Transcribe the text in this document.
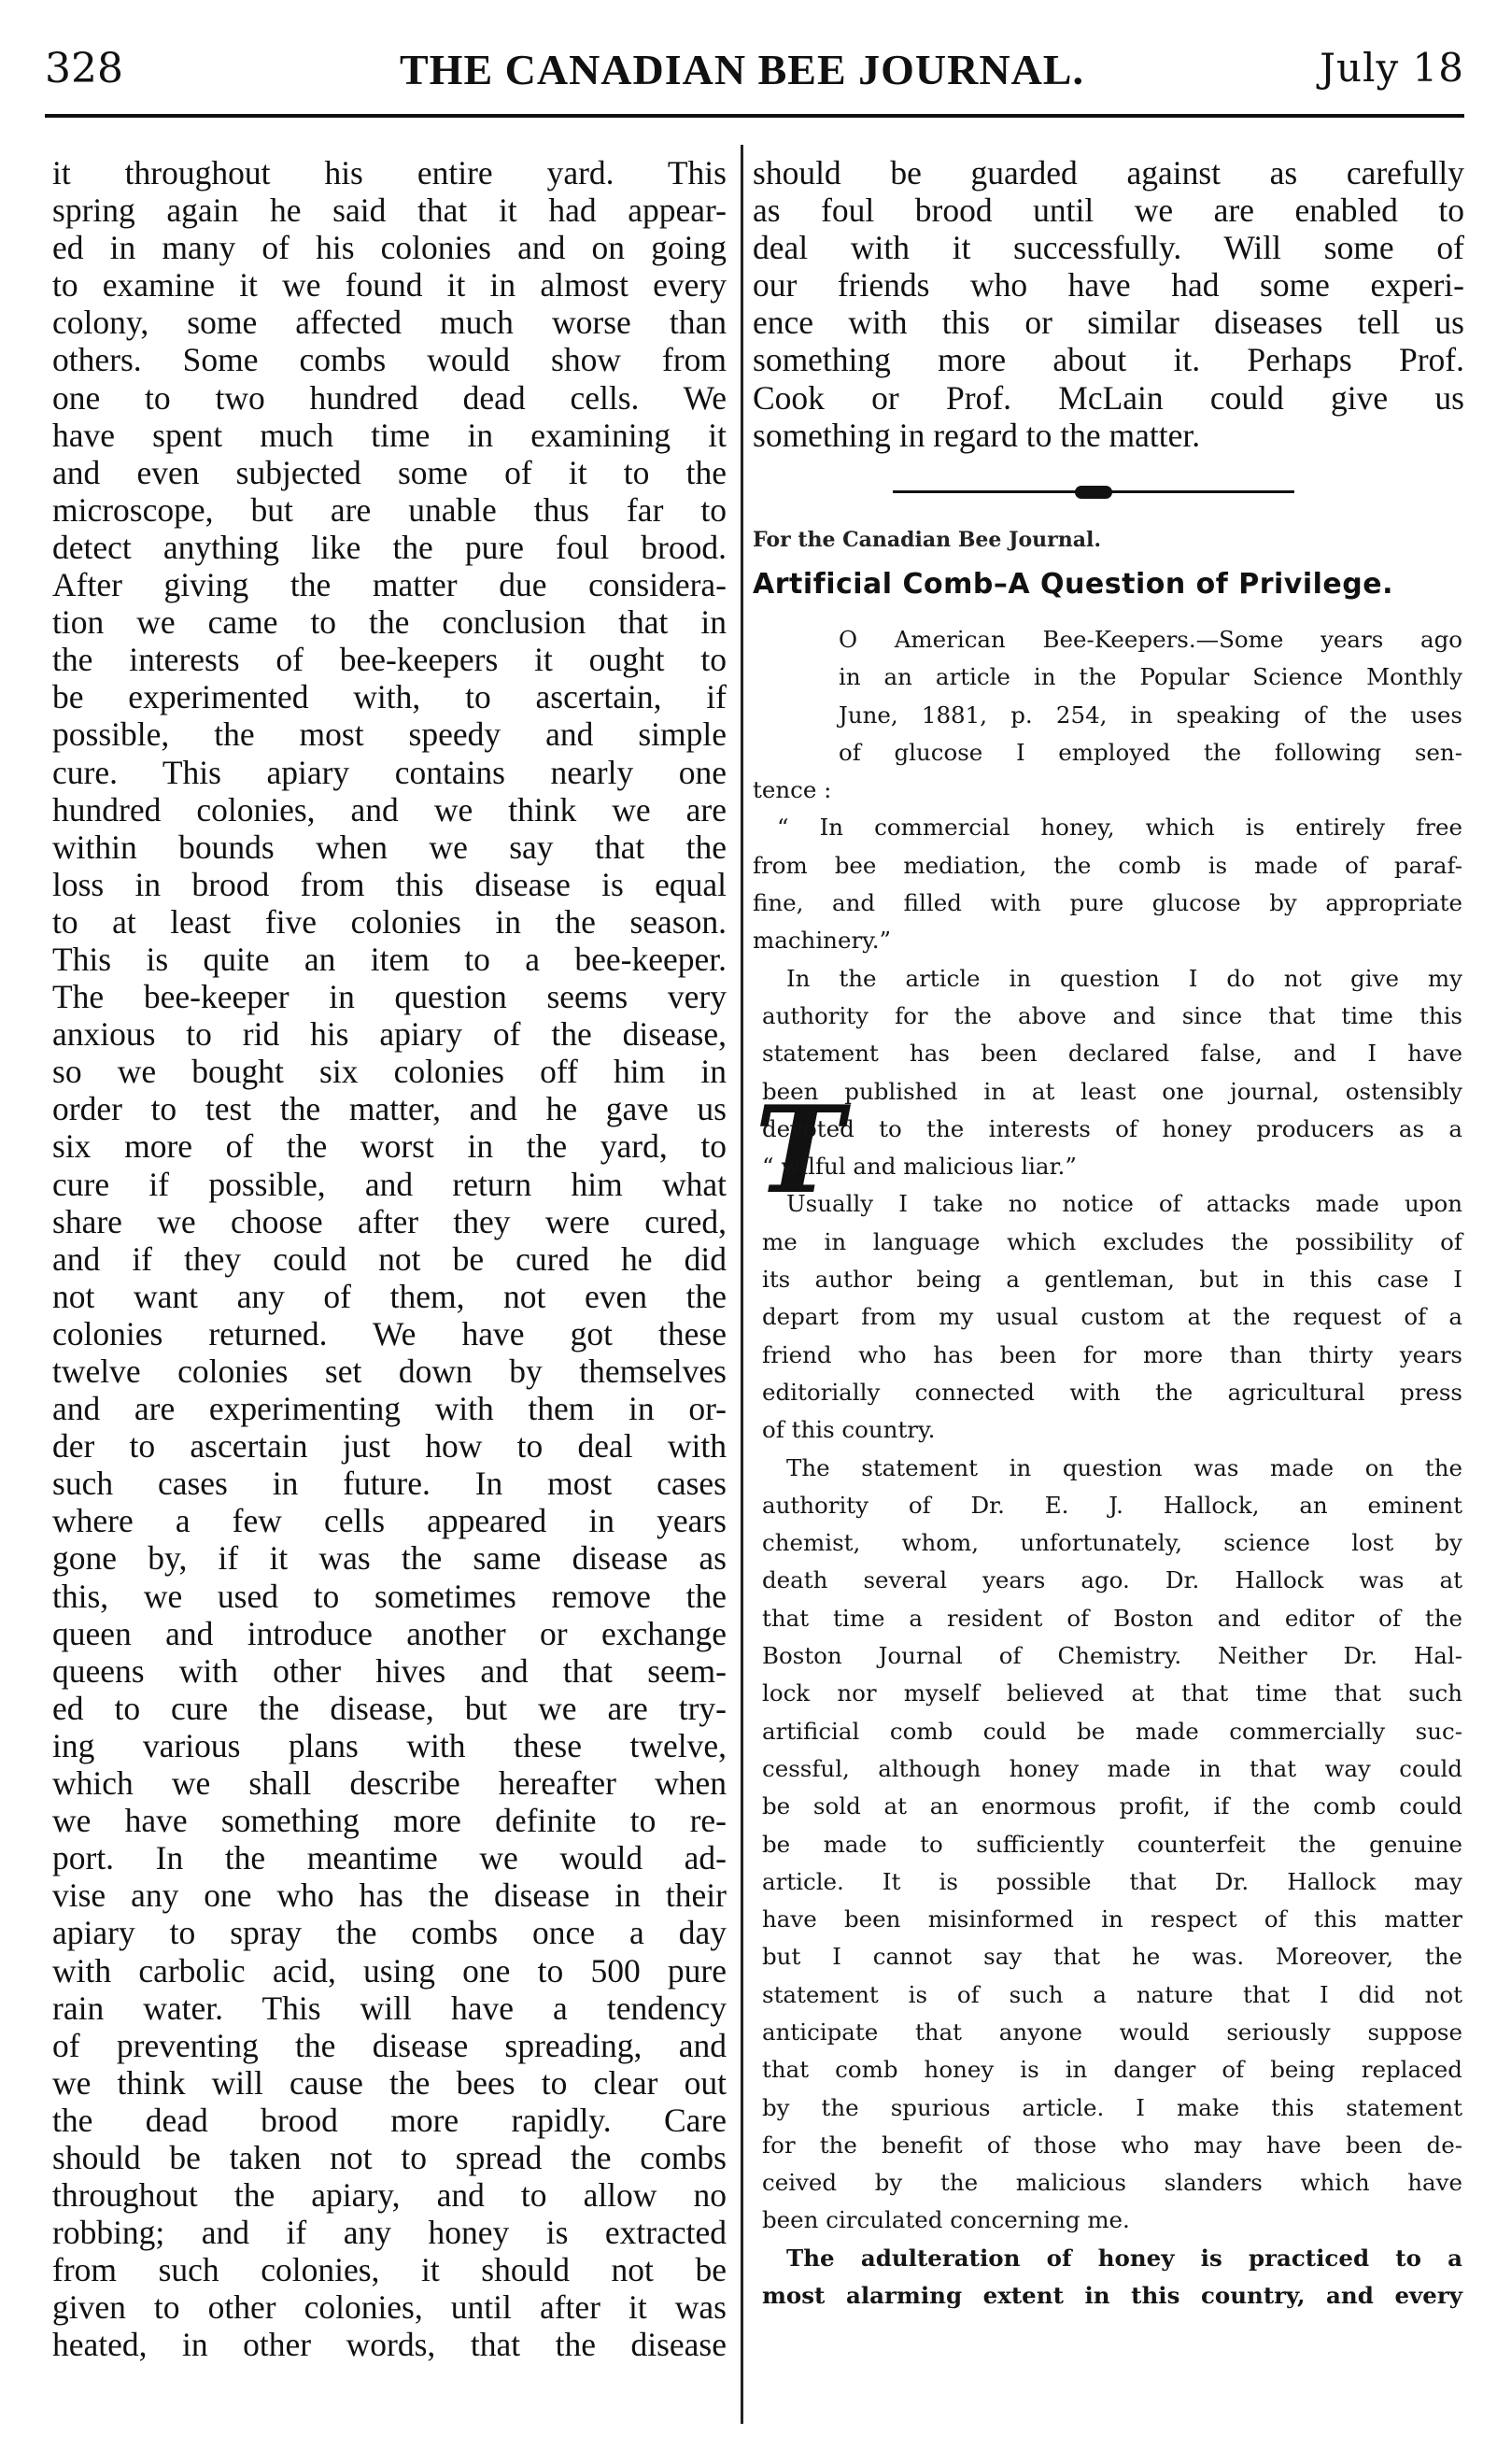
328	THE CANADIAN BEE JOURNAL.	July 18
it throughout his entire yard. This
spring again he said that it had appear-
ed in many of his colonies and on going
to examine it we found it in almost every
colony, some affected much worse than
others. Some combs would show from
one to two hundred dead cells. We
have spent much time in examining it
and even subjected some of it to the
microscope, but are unable thus far to
detect anything like the pure foul brood.
After giving the matter due considera-
tion we came to the conclusion that in
the interests of bee-keepers it ought to
be experimented with, to ascertain, if
possible, the most speedy and simple
cure. This apiary contains nearly one
hundred colonies, and we think we are
within bounds when we say that the
loss in brood from this disease is equal
to at least five colonies in the season.
This is quite an item to a bee-keeper.
The bee-keeper in question seems very
anxious to rid his apiary of the disease,
so we bought six colonies off him in
order to test the matter, and he gave us
six more of the worst in the yard, to
cure if possible, and return him what
share we choose after they were cured,
and if they could not be cured he did
not want any of them, not even the
colonies returned. We have got these
twelve colonies set down by themselves
and are experimenting with them in or-
der to ascertain just how to deal with
such cases in future. In most cases
where a few cells appeared in years
gone by, if it was the same disease as
this, we used to sometimes remove the
queen and introduce another or exchange
queens with other hives and that seem-
ed to cure the disease, but we are try-
ing various plans with these twelve,
which we shall describe hereafter when
we have something more definite to re-
port. In the meantime we would ad-
vise any one who has the disease in their
apiary to spray the combs once a day
with carbolic acid, using one to 500 pure
rain water. This will have a tendency
of preventing the disease spreading, and
we think will cause the bees to clear out
the dead brood more rapidly. Care
should be taken not to spread the combs
throughout the apiary, and to allow no
robbing; and if any honey is extracted
from such colonies, it should not be
given to other colonies, until after it was
heated, in other words, that the disease
should be guarded against as carefully
as foul brood until we are enabled to
deal with it successfully. Will some of
our friends who have had some experi-
ence with this or similar diseases tell us
something more about it. Perhaps Prof.
Cook or Prof. McLain could give us
something in regard to the matter.
For the Canadian Bee Journal.
Artificial Comb–A Question of Privilege.
T
O American Bee-Keepers.—Some years ago
in an article in the Popular Science Monthly
June, 1881, p. 254, in speaking of the uses
of glucose I employed the following sen-
tence :
“ In commercial honey, which is entirely free
from bee mediation, the comb is made of paraf-
fine, and filled with pure glucose by appropriate
machinery.”
In the article in question I do not give my
authority for the above and since that time this
statement has been declared false, and I have
been published in at least one journal, ostensibly
devoted to the interests of honey producers as a
“ wilful and malicious liar.”
Usually I take no notice of attacks made upon
me in language which excludes the possibility of
its author being a gentleman, but in this case I
depart from my usual custom at the request of a
friend who has been for more than thirty years
editorially connected with the agricultural press
of this country.
The statement in question was made on the
authority of Dr. E. J. Hallock, an eminent
chemist, whom, unfortunately, science lost by
death several years ago. Dr. Hallock was at
that time a resident of Boston and editor of the
Boston Journal of Chemistry. Neither Dr. Hal-
lock nor myself believed at that time that such
artificial comb could be made commercially suc-
cessful, although honey made in that way could
be sold at an enormous profit, if the comb could
be made to sufficiently counterfeit the genuine
article. It is possible that Dr. Hallock may
have been misinformed in respect of this matter
but I cannot say that he was. Moreover, the
statement is of such a nature that I did not
anticipate that anyone would seriously suppose
that comb honey is in danger of being replaced
by the spurious article. I make this statement
for the benefit of those who may have been de-
ceived by the malicious slanders which have
been circulated concerning me.
The adulteration of honey is practiced to a
most alarming extent in this country, and every
